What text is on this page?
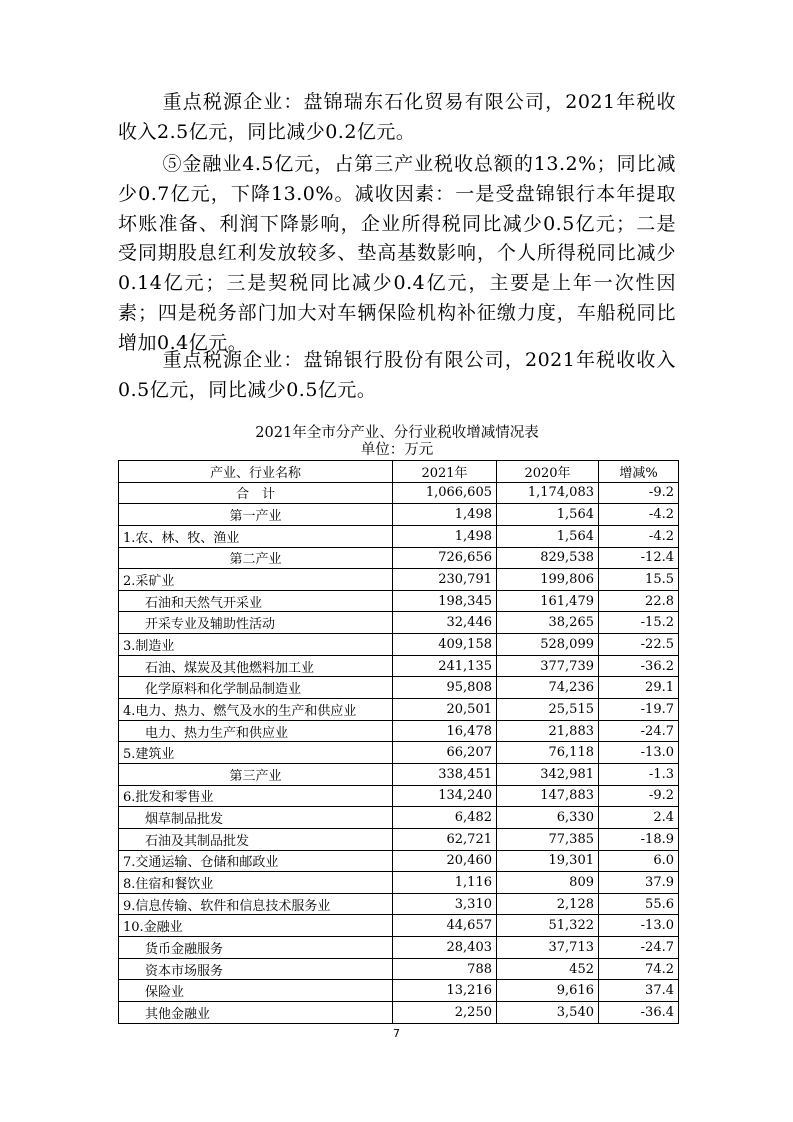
重点税源企业：盘锦瑞东石化贸易有限公司，2021年税收收入2.5亿元，同比减少0.2亿元。

⑤金融业4.5亿元，占第三产业税收总额的13.2%；同比减少0.7亿元，下降13.0%。减收因素：一是受盘锦银行本年提取坏账准备、利润下降影响，企业所得税同比减少0.5亿元；二是受同期股息红利发放较多、垫高基数影响，个人所得税同比减少0.14亿元；三是契税同比减少0.4亿元，主要是上年一次性因素；四是税务部门加大对车辆保险机构补征缴力度，车船税同比增加0.4亿元。

重点税源企业：盘锦银行股份有限公司，2021年税收收入0.5亿元，同比减少0.5亿元。

2021年全市分产业、分行业税收增减情况表
单位：万元
产业、行业名称	2021年	2020年	增减%
合　计	1,066,605	1,174,083	-9.2
第一产业	1,498	1,564	-4.2
1.农、林、牧、渔业	1,498	1,564	-4.2
第二产业	726,656	829,538	-12.4
2.采矿业	230,791	199,806	15.5
石油和天然气开采业	198,345	161,479	22.8
开采专业及辅助性活动	32,446	38,265	-15.2
3.制造业	409,158	528,099	-22.5
石油、煤炭及其他燃料加工业	241,135	377,739	-36.2
化学原料和化学制品制造业	95,808	74,236	29.1
4.电力、热力、燃气及水的生产和供应业	20,501	25,515	-19.7
电力、热力生产和供应业	16,478	21,883	-24.7
5.建筑业	66,207	76,118	-13.0
第三产业	338,451	342,981	-1.3
6.批发和零售业	134,240	147,883	-9.2
烟草制品批发	6,482	6,330	2.4
石油及其制品批发	62,721	77,385	-18.9
7.交通运输、仓储和邮政业	20,460	19,301	6.0
8.住宿和餐饮业	1,116	809	37.9
9.信息传输、软件和信息技术服务业	3,310	2,128	55.6
10.金融业	44,657	51,322	-13.0
货币金融服务	28,403	37,713	-24.7
资本市场服务	788	452	74.2
保险业	13,216	9,616	37.4
其他金融业	2,250	3,540	-36.4
7
